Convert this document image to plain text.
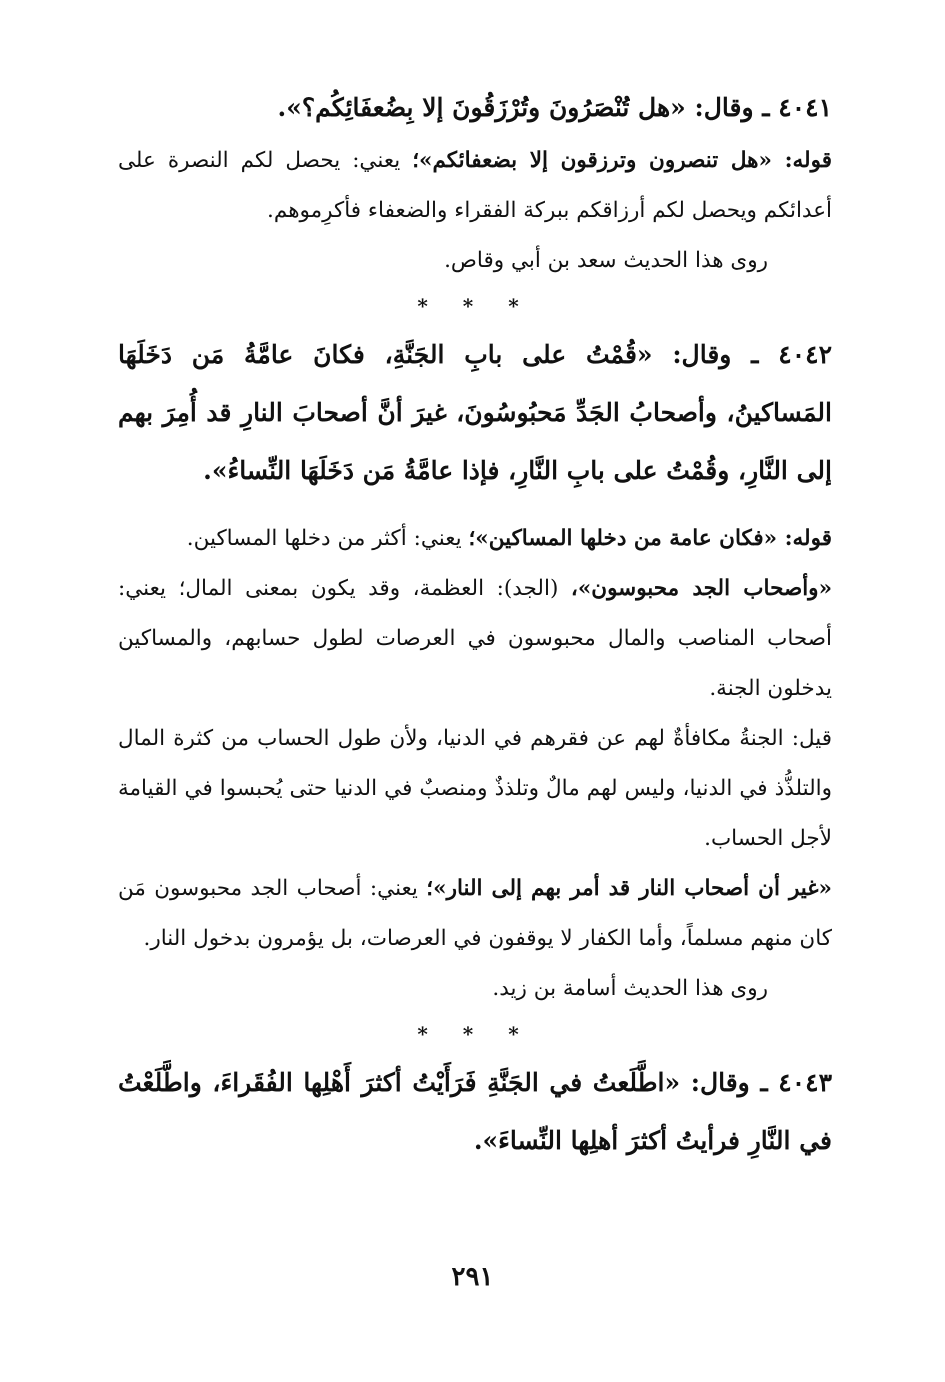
٤٠٤١ ـ وقال: «هل تُنْصَرُونَ وتُرْزَقُونَ إلا بِضُعفَائِكُم؟».

قوله: «هل تنصرون وترزقون إلا بضعفائكم»؛ يعني: يحصل لكم النصرة على أعدائكم ويحصل لكم أرزاقكم ببركة الفقراء والضعفاء فأكرِموهم.

روى هذا الحديث سعد بن أبي وقاص.

* * *

٤٠٤٢ ـ وقال: «قُمْتُ على بابِ الجَنَّةِ، فكانَ عامَّةُ مَن دَخَلَهَا المَساكينُ، وأصحابُ الجَدِّ مَحبُوسُونَ، غيرَ أنَّ أصحابَ النارِ قد أُمِرَ بهم إلى النَّارِ، وقُمْتُ على بابِ النَّارِ، فإذا عامَّةُ مَن دَخَلَهَا النِّساءُ».

قوله: «فكان عامة من دخلها المساكين»؛ يعني: أكثر من دخلها المساكين.

«وأصحاب الجد محبوسون»، (الجد): العظمة، وقد يكون بمعنى المال؛ يعني: أصحاب المناصب والمال محبوسون في العرصات لطول حسابهم، والمساكين يدخلون الجنة.

قيل: الجنةُ مكافأةٌ لهم عن فقرهم في الدنيا، ولأن طول الحساب من كثرة المال والتلذُّذ في الدنيا، وليس لهم مالٌ وتلذذٌ ومنصبٌ في الدنيا حتى يُحبسوا في القيامة لأجل الحساب.

«غير أن أصحاب النار قد أمر بهم إلى النار»؛ يعني: أصحاب الجد محبوسون مَن كان منهم مسلماً، وأما الكفار لا يوقفون في العرصات، بل يؤمرون بدخول النار.

روى هذا الحديث أسامة بن زيد.

* * *

٤٠٤٣ ـ وقال: «اطَّلَعتُ في الجَنَّةِ فَرَأَيْتُ أكثرَ أَهْلِها الفُقَراءَ، واطَّلَعْتُ في النَّارِ فرأيتُ أكثرَ أهلِها النِّساءَ».

٢٩١
